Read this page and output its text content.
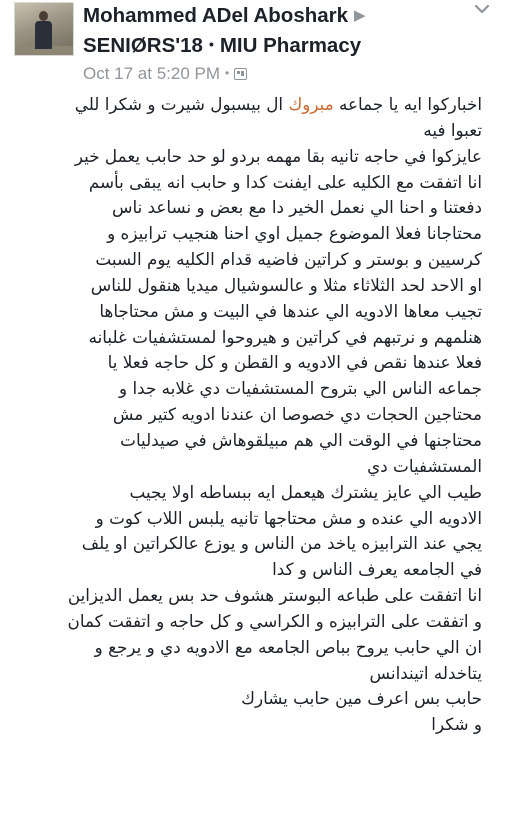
Mohammed ADel Aboshark ▶
SENIØRS'18 • MIU Pharmacy
Oct 17 at 5:20 PM •
اخباركوا ايه يا جماعه مبروك ال بيسبول شيرت و شكرا للي
تعبوا فيه
عايزكوا في حاجه تانيه بقا مهمه بردو لو حد حابب يعمل خير
انا اتفقت مع الكليه على ايفنت كدا و حابب انه يبقى بأسم
دفعتنا و احنا الي نعمل الخير دا مع بعض و نساعد ناس
محتاجانا فعلا الموضوع جميل اوي احنا هنجيب ترابيزه و
كرسيين و بوستر و كراتين فاضيه قدام الكليه يوم السبت
او الاحد لحد الثلاثاء مثلا و عالسوشيال ميديا هنقول للناس
تجيب معاها الادويه الي عندها في البيت و مش محتاجاها
هنلمهم و نرتبهم في كراتين و هيروحوا لمستشفيات غلبانه
فعلا عندها نقص في الادويه و القطن و كل حاجه فعلا يا
جماعه الناس الي بتروح المستشفيات دي غلابه جدا و
محتاجين الحجات دي خصوصا ان عندنا ادويه كتير مش
محتاجنها في الوقت الي هم مبيلقوهاش في صيدليات
المستشفيات دي
طيب الي عايز يشترك هيعمل ايه ببساطه اولا يجيب
الادويه الي عنده و مش محتاجها تانيه يلبس اللاب كوت و
يجي عند الترابيزه ياخد من الناس و يوزع عالكراتين او يلف
في الجامعه يعرف الناس و كدا
انا اتفقت على طباعه البوستر هشوف حد بس يعمل الديزاين
و اتفقت على الترابيزه و الكراسي و كل حاجه و اتفقت كمان
ان الي حابب يروح بباص الجامعه مع الادويه دي و يرجع و
يتاخدله اتيندانس
حابب بس اعرف مين حابب يشارك
و شكرا
